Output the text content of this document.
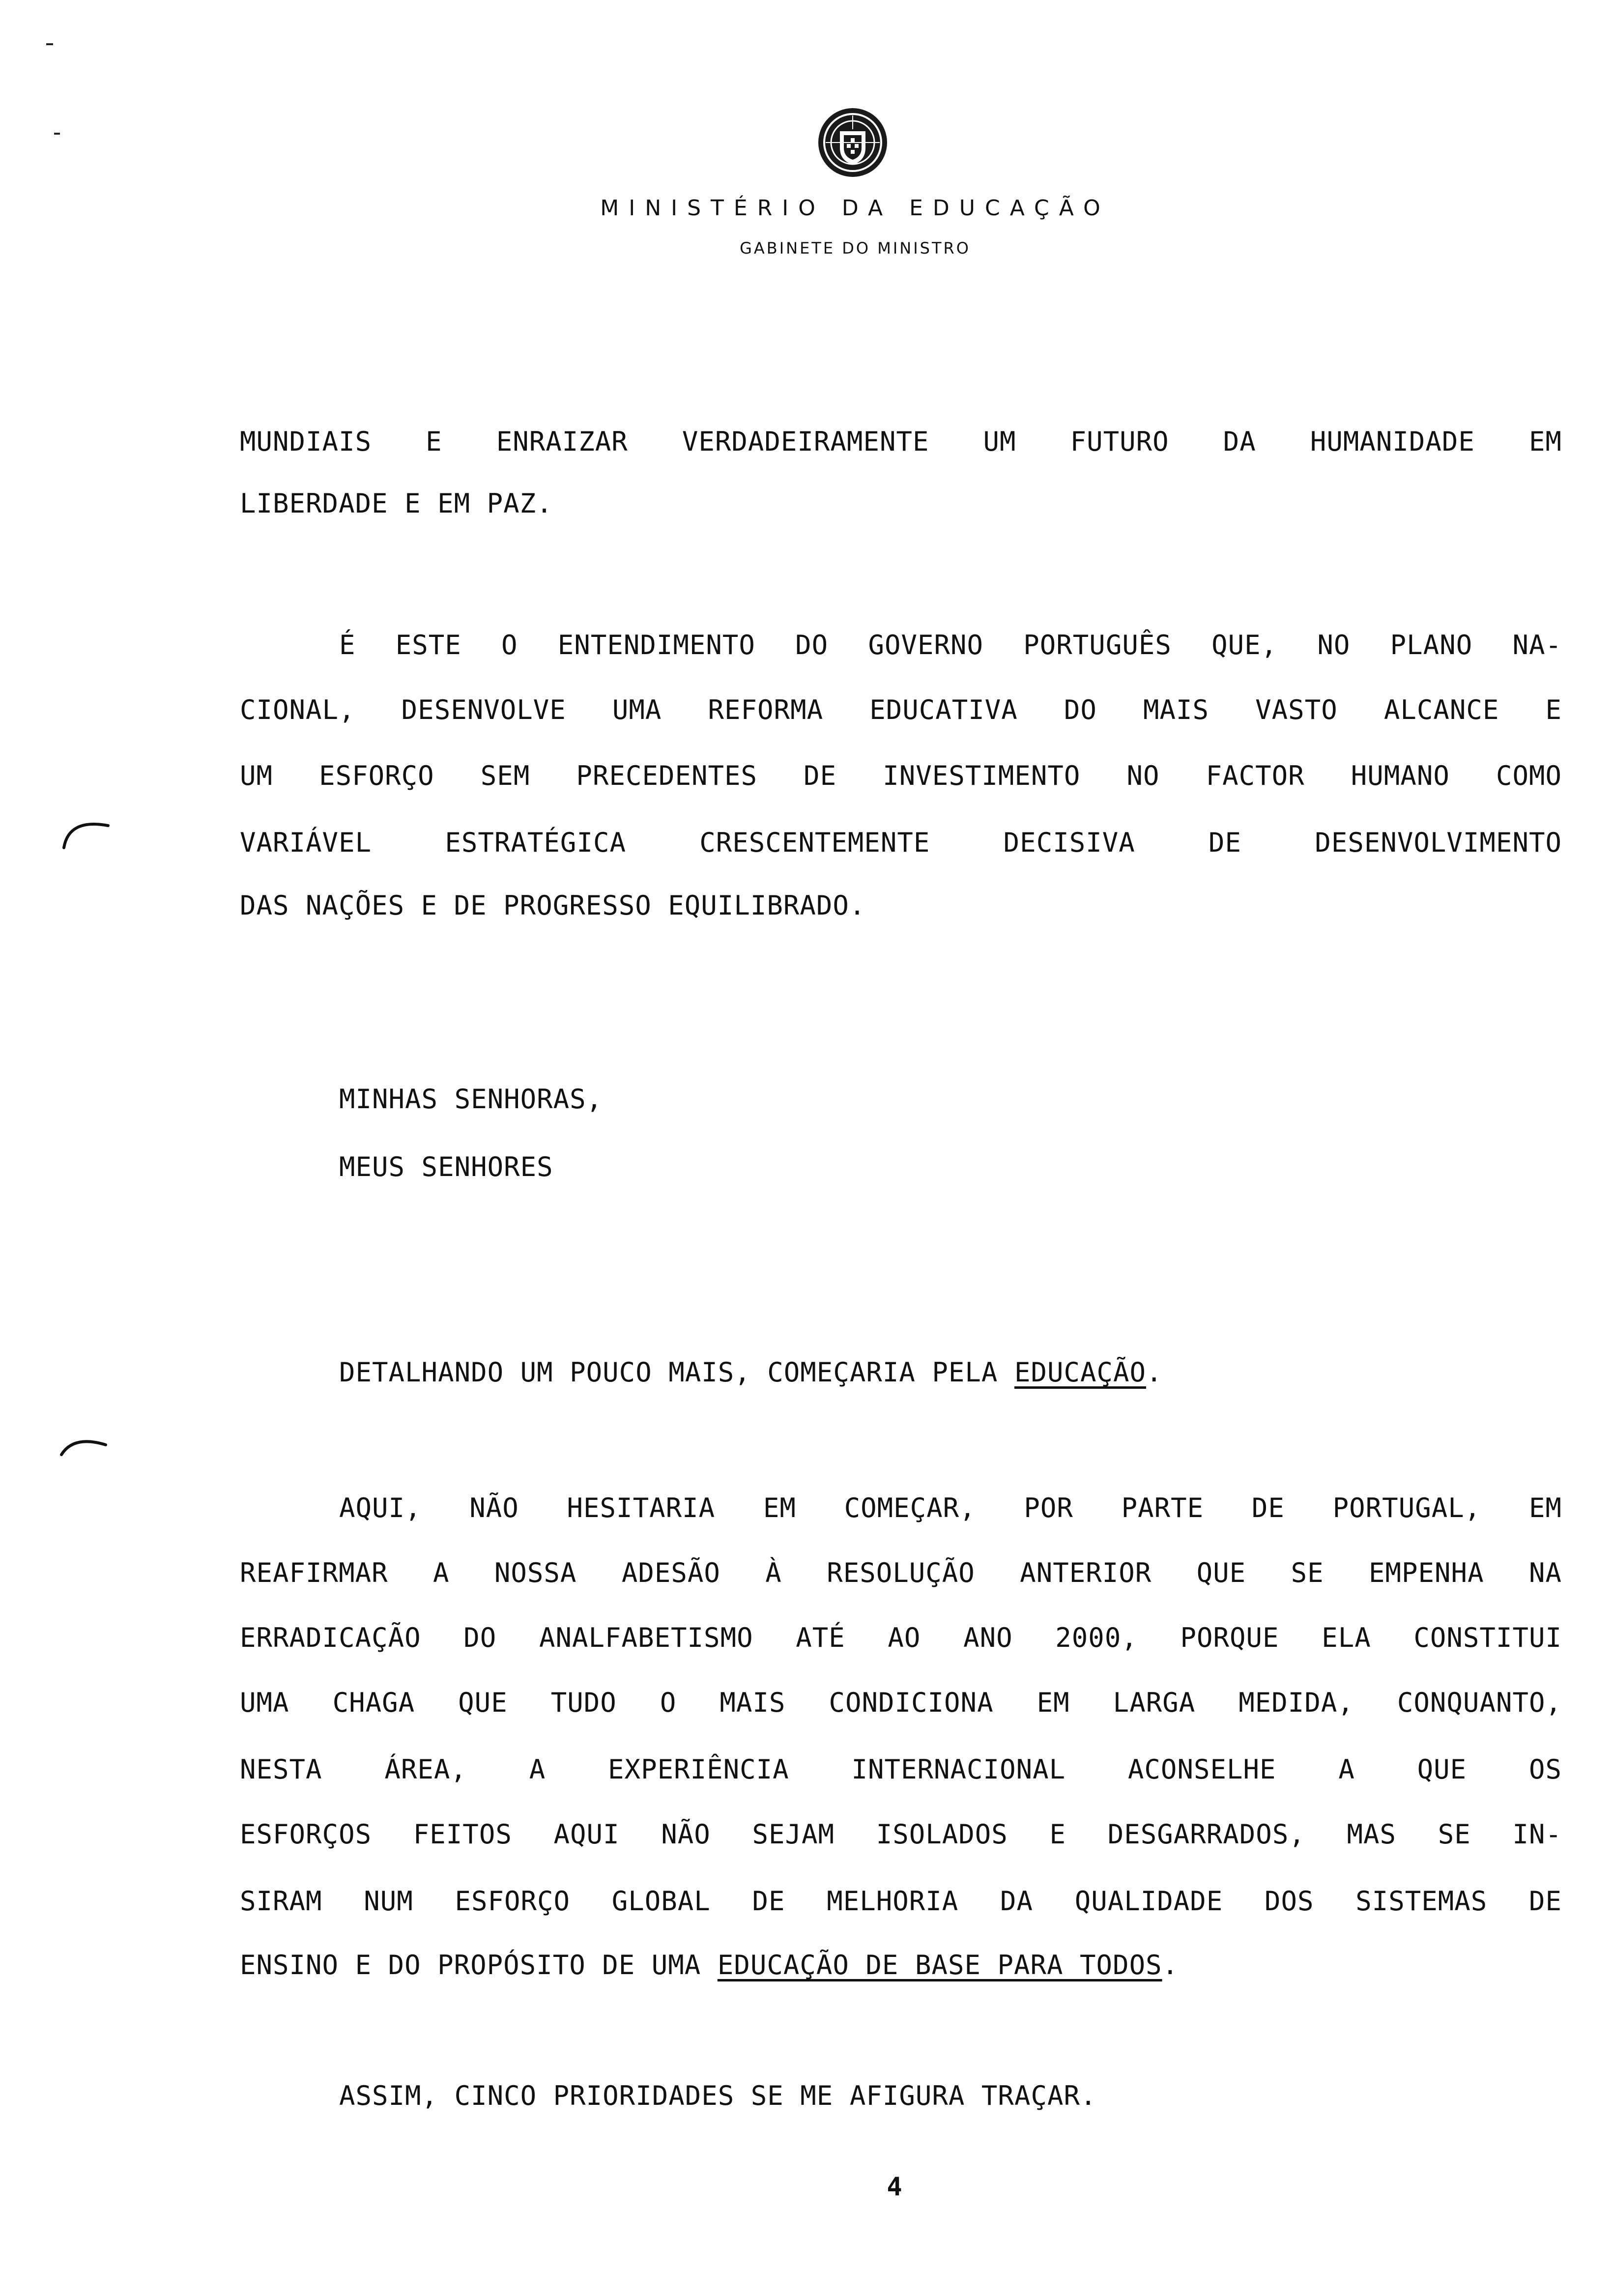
MINISTÉRIO DA EDUCAÇÃO
GABINETE DO MINISTRO
MUNDIAIS E ENRAIZAR VERDADEIRAMENTE UM FUTURO DA HUMANIDADE EM
LIBERDADE E EM PAZ.
É ESTE O ENTENDIMENTO DO GOVERNO PORTUGUÊS QUE, NO PLANO NA-
CIONAL, DESENVOLVE UMA REFORMA EDUCATIVA DO MAIS VASTO ALCANCE E
UM ESFORÇO SEM PRECEDENTES DE INVESTIMENTO NO FACTOR HUMANO COMO
VARIÁVEL ESTRATÉGICA CRESCENTEMENTE DECISIVA DE DESENVOLVIMENTO
DAS NAÇÕES E DE PROGRESSO EQUILIBRADO.
MINHAS SENHORAS,
MEUS SENHORES
DETALHANDO UM POUCO MAIS, COMEÇARIA PELA EDUCAÇÃO.
AQUI, NÃO HESITARIA EM COMEÇAR, POR PARTE DE PORTUGAL, EM
REAFIRMAR A NOSSA ADESÃO À RESOLUÇÃO ANTERIOR QUE SE EMPENHA NA
ERRADICAÇÃO DO ANALFABETISMO ATÉ AO ANO 2000, PORQUE ELA CONSTITUI
UMA CHAGA QUE TUDO O MAIS CONDICIONA EM LARGA MEDIDA, CONQUANTO,
NESTA ÁREA, A EXPERIÊNCIA INTERNACIONAL ACONSELHE A QUE OS
ESFORÇOS FEITOS AQUI NÃO SEJAM ISOLADOS E DESGARRADOS, MAS SE IN-
SIRAM NUM ESFORÇO GLOBAL DE MELHORIA DA QUALIDADE DOS SISTEMAS DE
ENSINO E DO PROPÓSITO DE UMA EDUCAÇÃO DE BASE PARA TODOS.
ASSIM, CINCO PRIORIDADES SE ME AFIGURA TRAÇAR.
4
